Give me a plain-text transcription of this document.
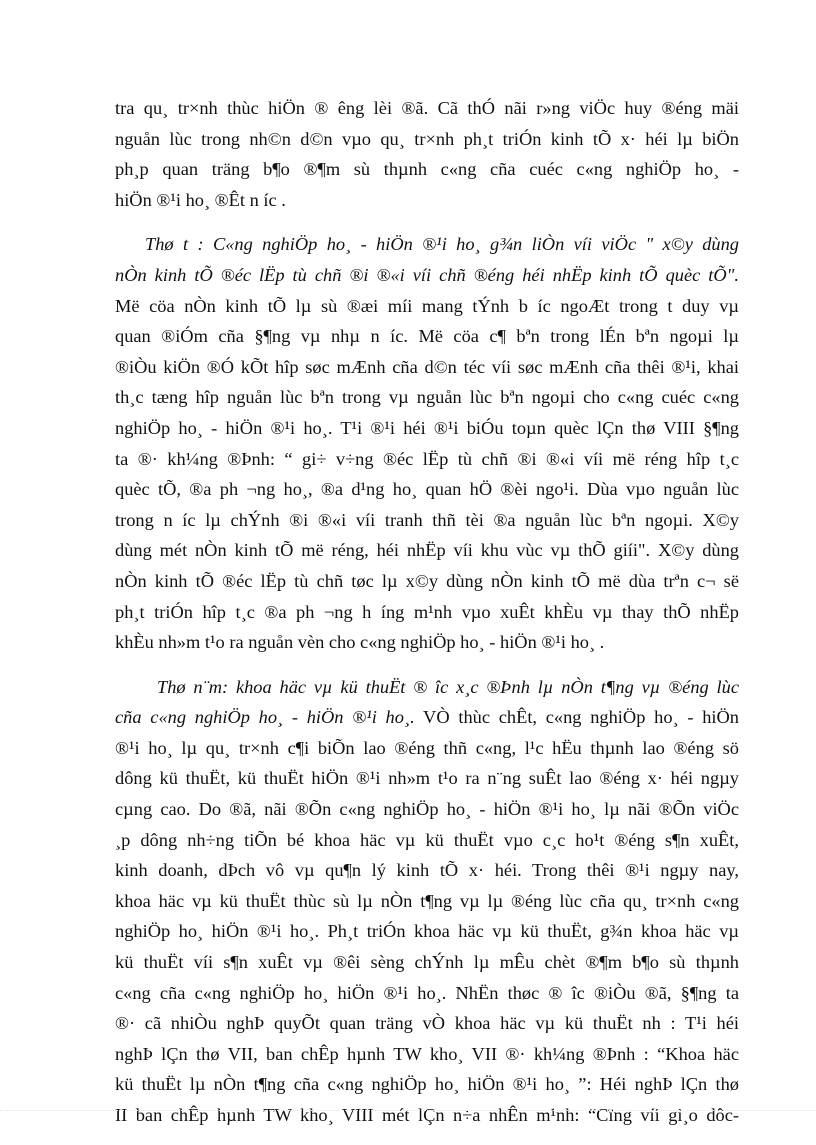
tra qu¸ tr×nh thùc hiÖn ® êng lèi ®ã. Cã thÓ nãi r»ng viÖc huy ®éng mäi
nguån lùc trong nh©n d©n vµo qu¸ tr×nh ph¸t triÓn kinh tÕ x· héi lµ biÖn
ph¸p quan träng b¶o ®¶m sù thµnh c«ng cña cuéc c«ng nghiÖp ho¸ -
hiÖn ®¹i ho¸ ®Êt n íc .
Thø t : C«ng nghiÖp ho¸ - hiÖn ®¹i ho¸ g¾n liÒn víi viÖc " x©y dùng
nÒn kinh tÕ ®éc lËp tù chñ ®i ®«i víi chñ ®éng héi nhËp kinh tÕ quèc tÕ".
Më cöa nÒn kinh tÕ lµ sù ®æi míi mang tÝnh b íc ngoÆt trong t duy vµ
quan ®iÓm cña §¶ng vµ nhµ n íc. Më cöa c¶ bªn trong lÉn bªn ngoµi lµ
®iÒu kiÖn ®Ó kÕt hîp søc mÆnh cña d©n téc víi søc mÆnh cña thêi ®¹i, khai
th¸c tæng hîp nguån lùc bªn trong vµ nguån lùc bªn ngoµi cho c«ng cuéc c«ng
nghiÖp ho¸ - hiÖn ®¹i ho¸. T¹i ®¹i héi ®¹i biÓu toµn quèc lÇn thø VIII §¶ng
ta ®· kh¼ng ®Þnh: “ gi÷ v÷ng ®éc lËp tù chñ ®i ®«i víi më réng hîp t¸c
quèc tÕ, ®a ph ¬ng ho¸, ®a d¹ng ho¸ quan hÖ ®èi ngo¹i. Dùa vµo nguån lùc
trong n íc lµ chÝnh ®i ®«i víi tranh thñ tèi ®a nguån lùc bªn ngoµi. X©y
dùng mét nÒn kinh tÕ më réng, héi nhËp víi khu vùc vµ thÕ giíi". X©y dùng
nÒn kinh tÕ ®éc lËp tù chñ tøc lµ x©y dùng nÒn kinh tÕ më dùa trªn c¬ së
ph¸t triÓn hîp t¸c ®a ph ¬ng h íng m¹nh vµo xuÊt khÈu vµ thay thÕ nhËp
khÈu nh»m t¹o ra nguån vèn cho c«ng nghiÖp ho¸ - hiÖn ®¹i ho¸ .
Thø n¨m: khoa häc vµ kü thuËt ® îc x¸c ®Þnh lµ nÒn t¶ng vµ ®éng lùc
cña c«ng nghiÖp ho¸ - hiÖn ®¹i ho¸. VÒ thùc chÊt, c«ng nghiÖp ho¸ - hiÖn
®¹i ho¸ lµ qu¸ tr×nh c¶i biÕn lao ®éng thñ c«ng, l¹c hËu thµnh lao ®éng sö
dông kü thuËt, kü thuËt hiÖn ®¹i nh»m t¹o ra n¨ng suÊt lao ®éng x· héi ngµy
cµng cao. Do ®ã, nãi ®Õn c«ng nghiÖp ho¸ - hiÖn ®¹i ho¸ lµ nãi ®Õn viÖc
¸p dông nh÷ng tiÕn bé khoa häc vµ kü thuËt vµo c¸c ho¹t ®éng s¶n xuÊt,
kinh doanh, dÞch vô vµ qu¶n lý kinh tÕ x· héi. Trong thêi ®¹i ngµy nay,
khoa häc vµ kü thuËt thùc sù lµ nÒn t¶ng vµ lµ ®éng lùc cña qu¸ tr×nh c«ng
nghiÖp ho¸ hiÖn ®¹i ho¸. Ph¸t triÓn khoa häc vµ kü thuËt, g¾n khoa häc vµ
kü thuËt víi s¶n xuÊt vµ ®êi sèng chÝnh lµ mÊu chèt ®¶m b¶o sù thµnh
c«ng cña c«ng nghiÖp ho¸ hiÖn ®¹i ho¸. NhËn thøc ® îc ®iÒu ®ã, §¶ng ta
®· cã nhiÒu nghÞ quyÕt quan träng vÒ khoa häc vµ kü thuËt nh : T¹i héi
nghÞ lÇn thø VII, ban chÊp hµnh TW kho¸ VII ®· kh¼ng ®Þnh : “Khoa häc
kü thuËt lµ nÒn t¶ng cña c«ng nghiÖp ho¸ hiÖn ®¹i ho¸ ”: Héi nghÞ lÇn thø
II ban chÊp hµnh TW kho¸ VIII mét lÇn n÷a nhÊn m¹nh: “Cïng víi gi¸o dôc-
